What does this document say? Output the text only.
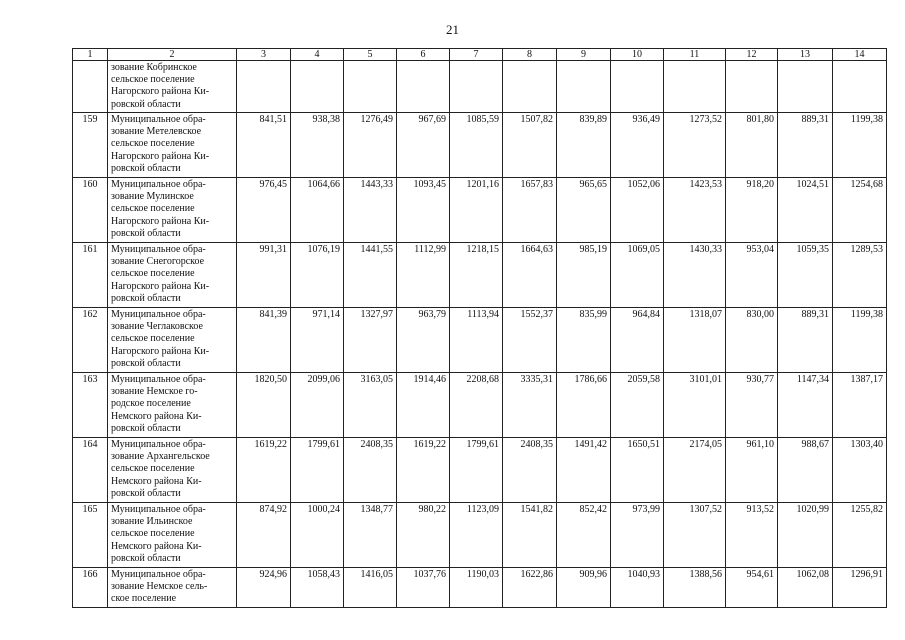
21
1	2	3	4	5	6	7	8	9	10	11	12	13	14

	зование Кобринское
сельское поселение
Нагорского района Ки-
ровской области												

159	Муниципальное обра-
зование Метелевское
сельское поселение
Нагорского района Ки-
ровской области	841,51	938,38	1276,49	967,69	1085,59	1507,82	839,89	936,49	1273,52	801,80	889,31	1199,38
160	Муниципальное обра-
зование Мулинское
сельское поселение
Нагорского района Ки-
ровской области	976,45	1064,66	1443,33	1093,45	1201,16	1657,83	965,65	1052,06	1423,53	918,20	1024,51	1254,68
161	Муниципальное обра-
зование Снегогорское
сельское поселение
Нагорского района Ки-
ровской области	991,31	1076,19	1441,55	1112,99	1218,15	1664,63	985,19	1069,05	1430,33	953,04	1059,35	1289,53
162	Муниципальное обра-
зование Чеглаковское
сельское поселение
Нагорского района Ки-
ровской области	841,39	971,14	1327,97	963,79	1113,94	1552,37	835,99	964,84	1318,07	830,00	889,31	1199,38
163	Муниципальное обра-
зование Немское го-
родское поселение
Немского района Ки-
ровской области	1820,50	2099,06	3163,05	1914,46	2208,68	3335,31	1786,66	2059,58	3101,01	930,77	1147,34	1387,17
164	Муниципальное обра-
зование Архангельское
сельское поселение
Немского района Ки-
ровской области	1619,22	1799,61	2408,35	1619,22	1799,61	2408,35	1491,42	1650,51	2174,05	961,10	988,67	1303,40
165	Муниципальное обра-
зование Ильинское
сельское поселение
Немского района Ки-
ровской области	874,92	1000,24	1348,77	980,22	1123,09	1541,82	852,42	973,99	1307,52	913,52	1020,99	1255,82
166	Муниципальное обра-
зование Немское сель-
ское поселение	924,96	1058,43	1416,05	1037,76	1190,03	1622,86	909,96	1040,93	1388,56	954,61	1062,08	1296,91
